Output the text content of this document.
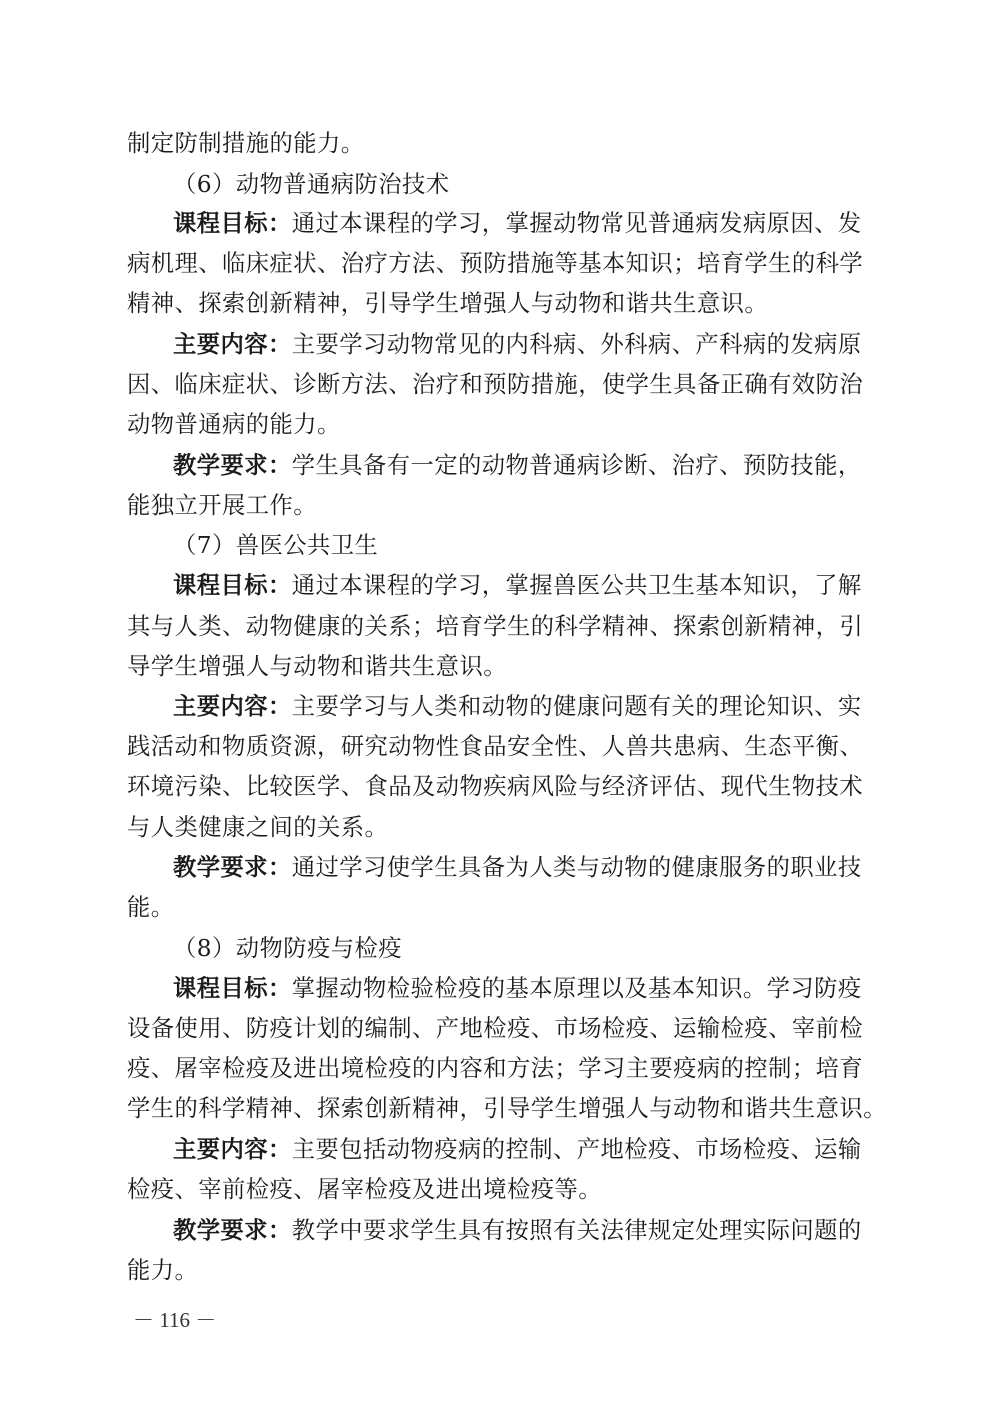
制定防制措施的能力。
（6）动物普通病防治技术
课程目标：通过本课程的学习，掌握动物常见普通病发病原因、发
病机理、临床症状、治疗方法、预防措施等基本知识；培育学生的科学
精神、探索创新精神，引导学生增强人与动物和谐共生意识。
主要内容：主要学习动物常见的内科病、外科病、产科病的发病原
因、临床症状、诊断方法、治疗和预防措施，使学生具备正确有效防治
动物普通病的能力。
教学要求：学生具备有一定的动物普通病诊断、治疗、预防技能，
能独立开展工作。
（7）兽医公共卫生
课程目标：通过本课程的学习，掌握兽医公共卫生基本知识，了解
其与人类、动物健康的关系；培育学生的科学精神、探索创新精神，引
导学生增强人与动物和谐共生意识。
主要内容：主要学习与人类和动物的健康问题有关的理论知识、实
践活动和物质资源，研究动物性食品安全性、人兽共患病、生态平衡、
环境污染、比较医学、食品及动物疾病风险与经济评估、现代生物技术
与人类健康之间的关系。
教学要求：通过学习使学生具备为人类与动物的健康服务的职业技
能。
（8）动物防疫与检疫
课程目标：掌握动物检验检疫的基本原理以及基本知识。学习防疫
设备使用、防疫计划的编制、产地检疫、市场检疫、运输检疫、宰前检
疫、屠宰检疫及进出境检疫的内容和方法；学习主要疫病的控制；培育
学生的科学精神、探索创新精神，引导学生增强人与动物和谐共生意识。
主要内容：主要包括动物疫病的控制、产地检疫、市场检疫、运输
检疫、宰前检疫、屠宰检疫及进出境检疫等。
教学要求：教学中要求学生具有按照有关法律规定处理实际问题的
能力。
－ 116 －
